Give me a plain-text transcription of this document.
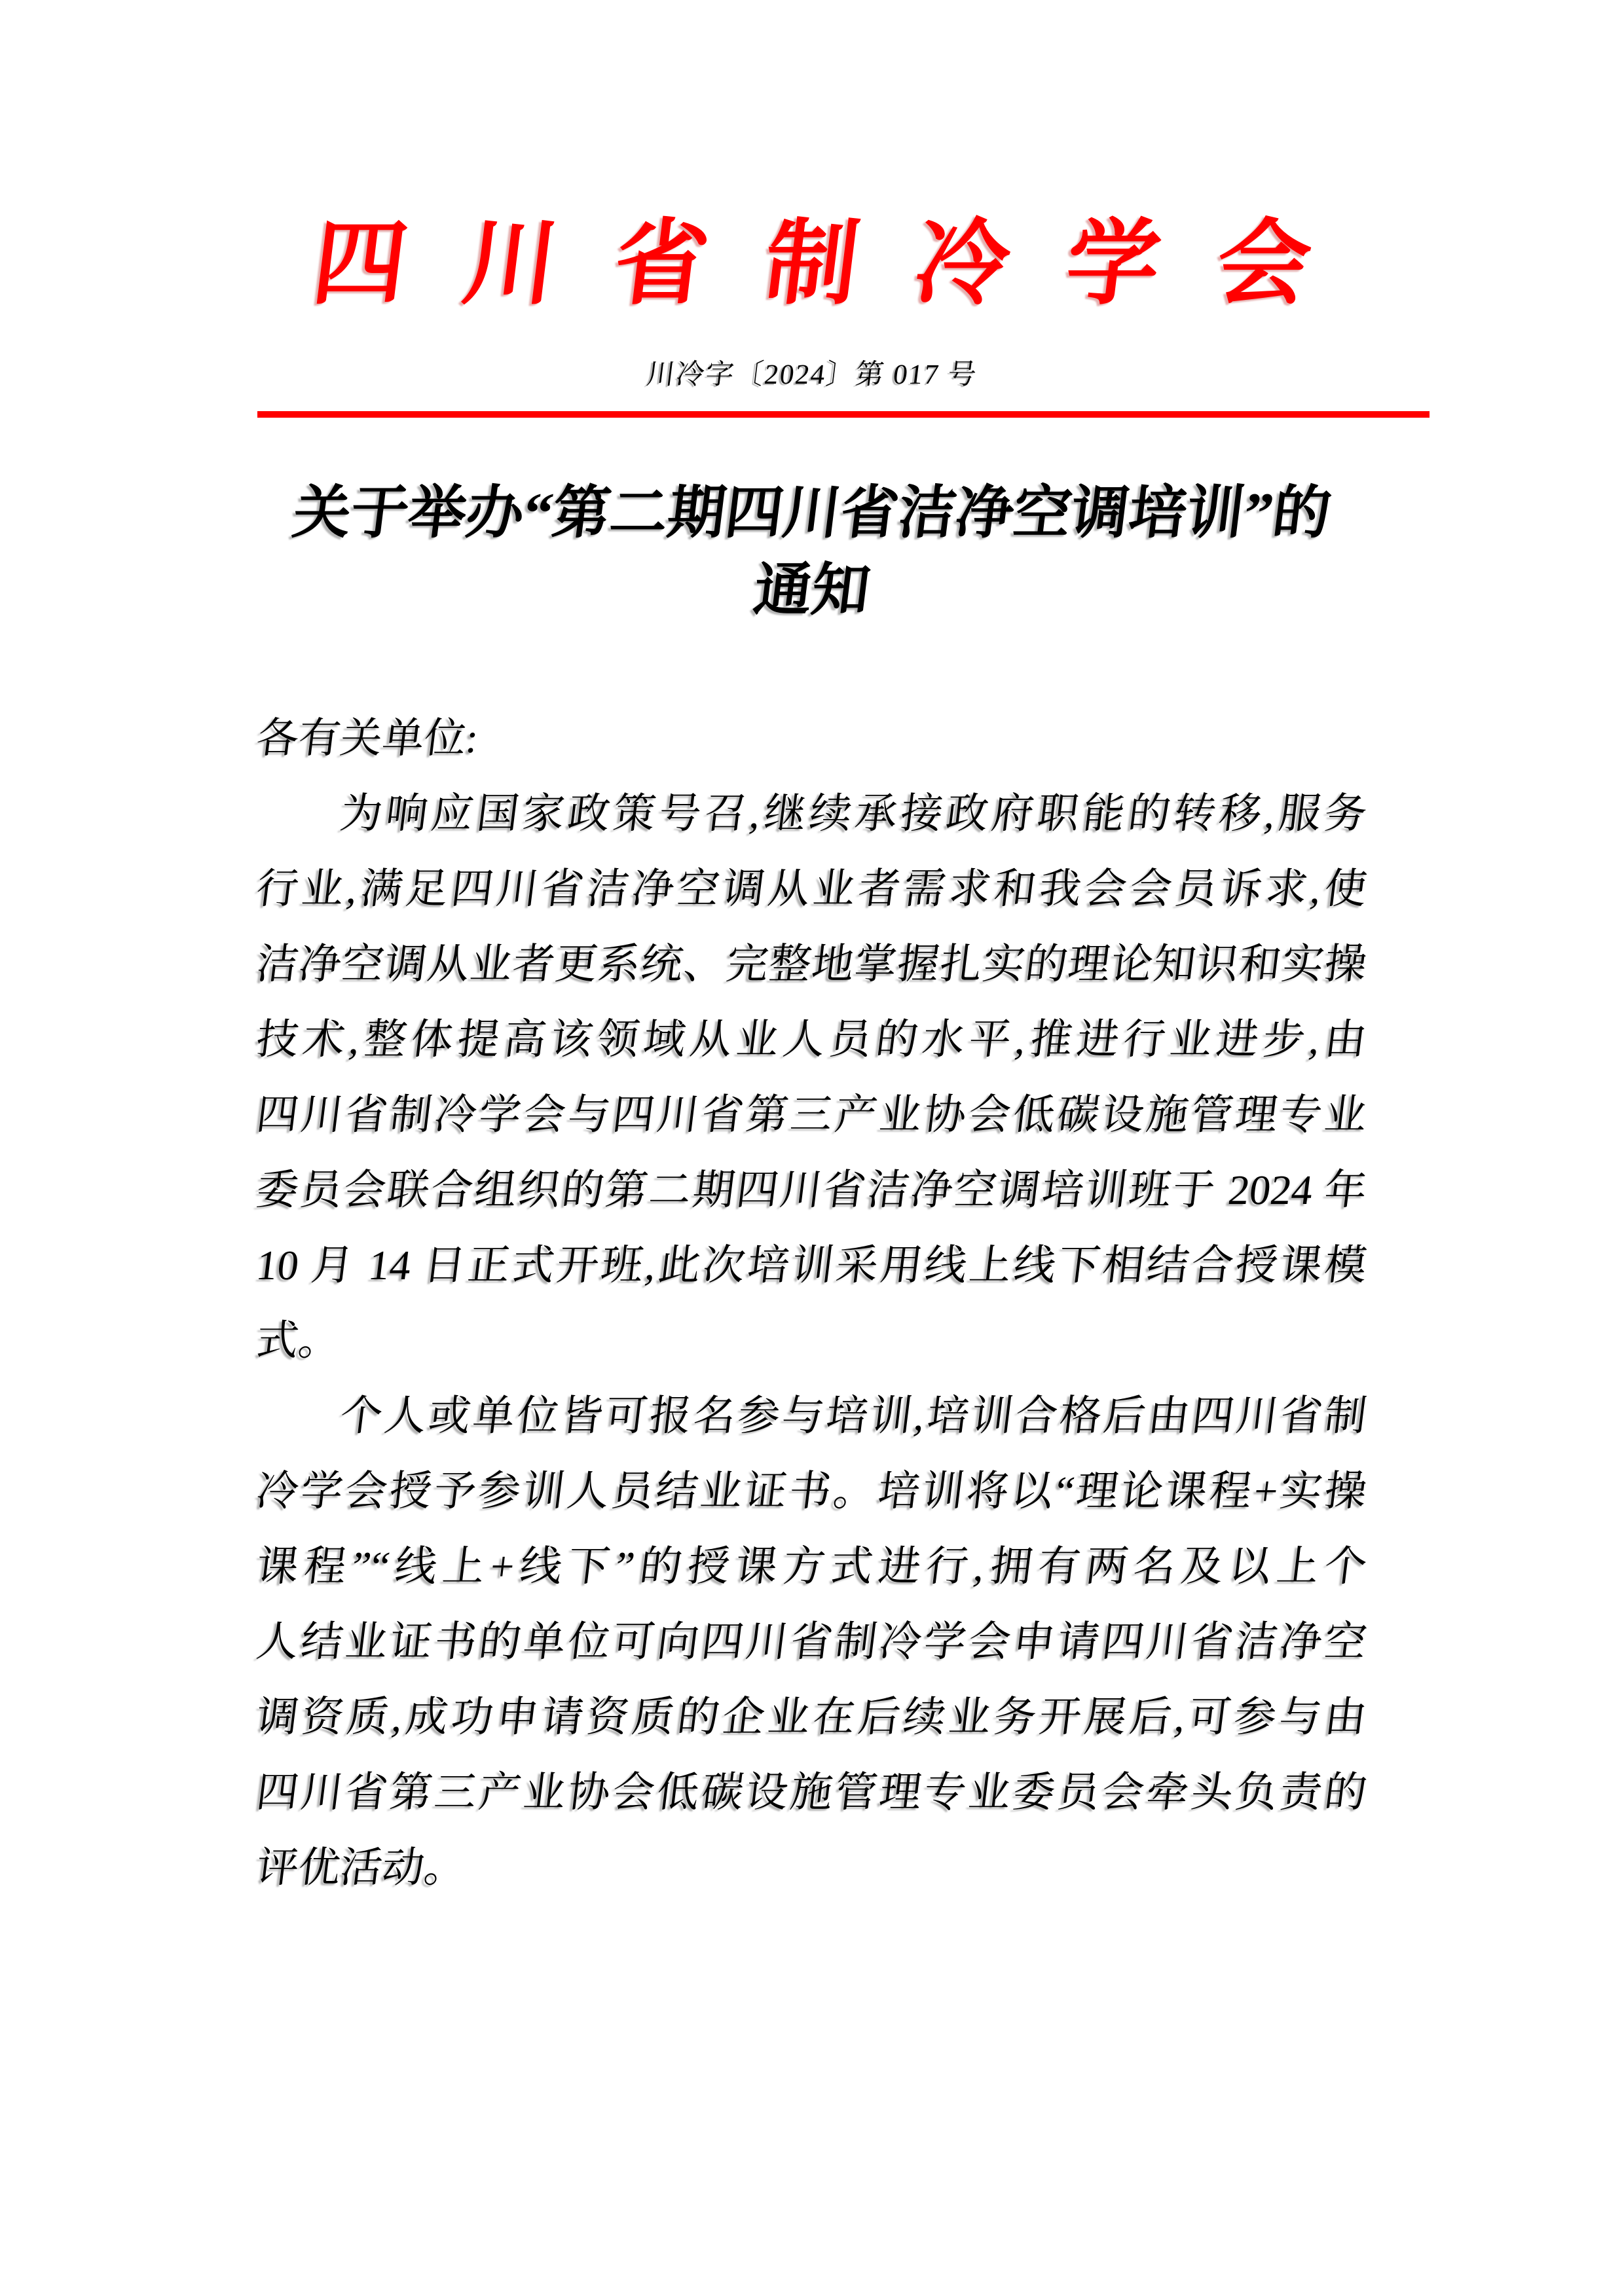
四川省制冷学会
川冷字〔2024〕第 017 号
关于举办“第二期四川省洁净空调培训”的
通知
各有关单位:
为响应国家政策号召,继续承接政府职能的转移,服务
行业,满足四川省洁净空调从业者需求和我会会员诉求,使
洁净空调从业者更系统、完整地掌握扎实的理论知识和实操
技术,整体提高该领域从业人员的水平,推进行业进步,由
四川省制冷学会与四川省第三产业协会低碳设施管理专业
委员会联合组织的第二期四川省洁净空调培训班于 2024 年
10 月 14 日正式开班,此次培训采用线上线下相结合授课模
式。
个人或单位皆可报名参与培训,培训合格后由四川省制
冷学会授予参训人员结业证书。培训将以“理论课程+实操
课程”“线上+线下”的授课方式进行,拥有两名及以上个
人结业证书的单位可向四川省制冷学会申请四川省洁净空
调资质,成功申请资质的企业在后续业务开展后,可参与由
四川省第三产业协会低碳设施管理专业委员会牵头负责的
评优活动。
